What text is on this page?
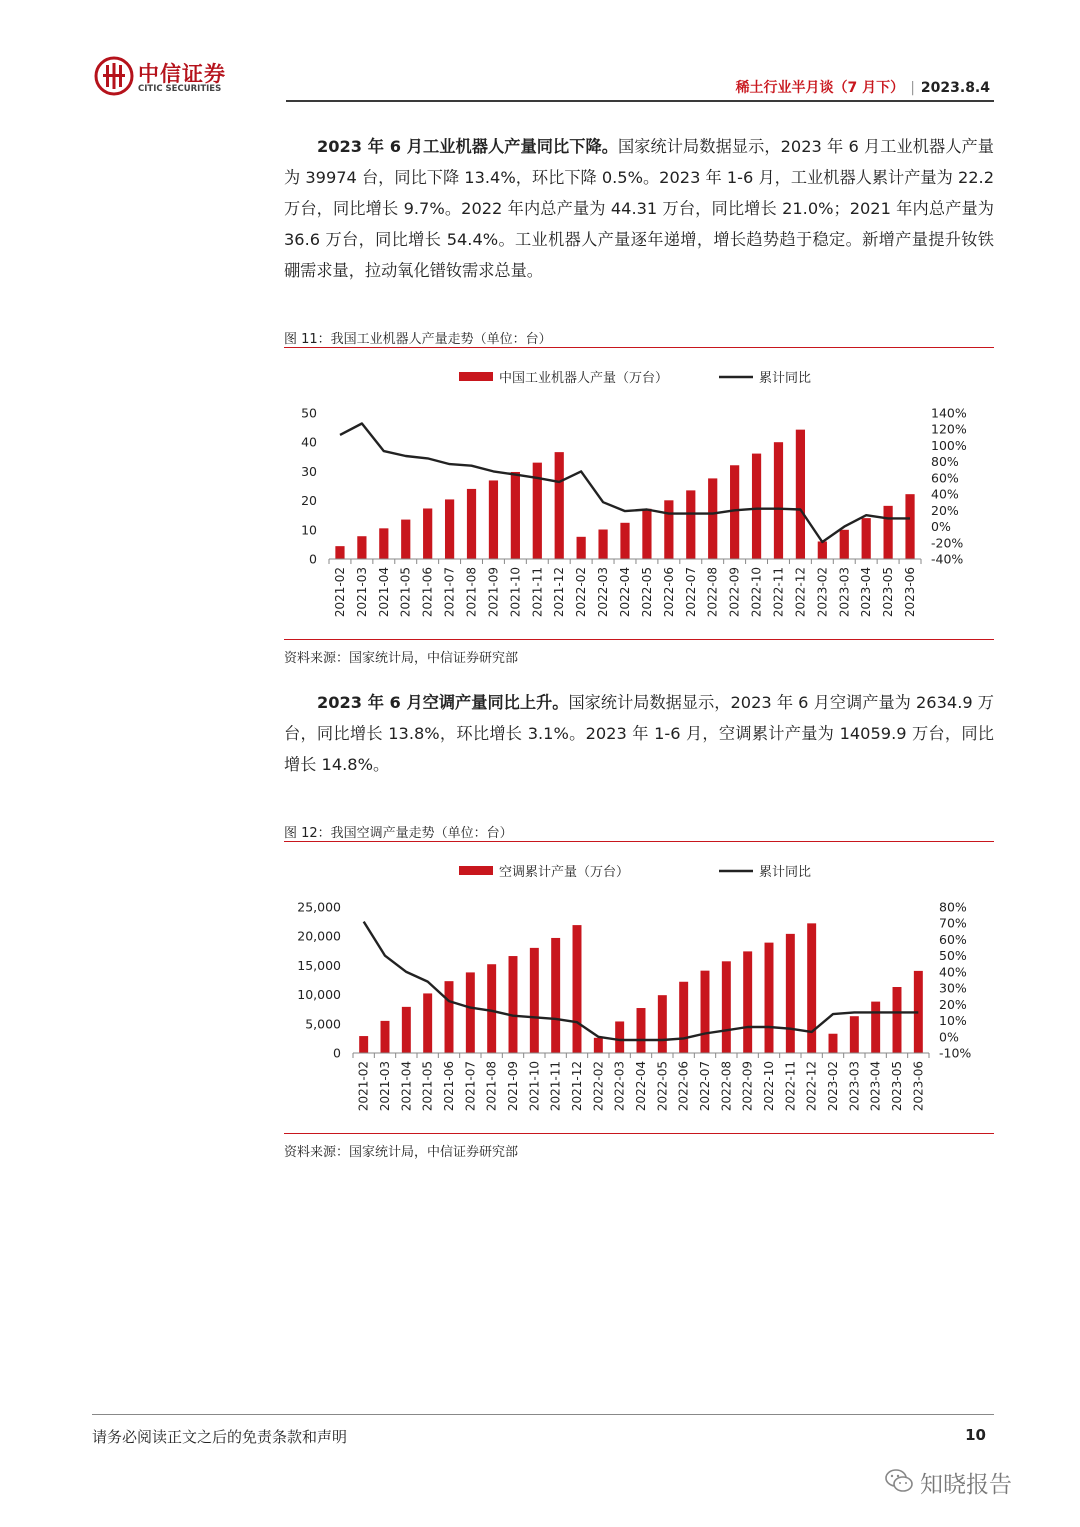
中信证券
CITIC SECURITIES	稀土行业半月谈（7 月下） | 2023.8.4
2023 年 6 月工业机器人产量同比下降。国家统计局数据显示，2023 年 6 月工业机器人产量为 39974 台，同比下降 13.4%，环比下降 0.5%。2023 年 1-6 月，工业机器人累计产量为 22.2 万台，同比增长 9.7%。2022 年内总产量为 44.31 万台，同比增长 21.0%；2021 年内总产量为 36.6 万台，同比增长 54.4%。工业机器人产量逐年递增，增长趋势趋于稳定。新增产量提升钕铁硼需求量，拉动氧化镨钕需求总量。
图 11：我国工业机器人产量走势（单位：台）
中国工业机器人产量（万台）	累计同比
0
10
20
30
40
50
-40%
-20%
0%
20%
40%
60%
80%
100%
120%
140%
2021-02 2021-03 2021-04 2021-05 2021-06 2021-07 2021-08 2021-09 2021-10 2021-11 2021-12 2022-02 2022-03 2022-04 2022-05 2022-06 2022-07 2022-08 2022-09 2022-10 2022-11 2022-12 2023-02 2023-03 2023-04 2023-05 2023-06
资料来源：国家统计局，中信证券研究部
2023 年 6 月空调产量同比上升。国家统计局数据显示，2023 年 6 月空调产量为 2634.9 万台，同比增长 13.8%，环比增长 3.1%。2023 年 1-6 月，空调累计产量为 14059.9 万台，同比增长 14.8%。
图 12：我国空调产量走势（单位：台）
空调累计产量（万台）	累计同比
0
5,000
10,000
15,000
20,000
25,000
-10%
0%
10%
20%
30%
40%
50%
60%
70%
80%
2021-02 2021-03 2021-04 2021-05 2021-06 2021-07 2021-08 2021-09 2021-10 2021-11 2021-12 2022-02 2022-03 2022-04 2022-05 2022-06 2022-07 2022-08 2022-09 2022-10 2022-11 2022-12 2023-02 2023-03 2023-04 2023-05 2023-06
资料来源：国家统计局，中信证券研究部
请务必阅读正文之后的免责条款和声明	10
知晓报告
